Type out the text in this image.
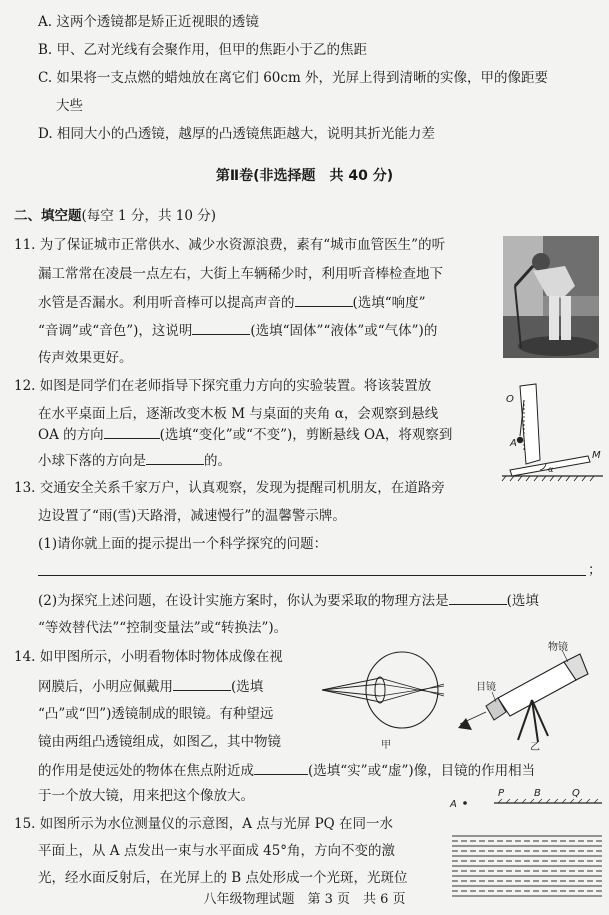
A. 这两个透镜都是矫正近视眼的透镜
B. 甲、乙对光线有会聚作用，但甲的焦距小于乙的焦距
C. 如果将一支点燃的蜡烛放在离它们 60cm 外，光屏上得到清晰的实像，甲的像距要
大些
D. 相同大小的凸透镜，越厚的凸透镜焦距越大，说明其折光能力差
第Ⅱ卷(非选择题　共 40 分)
二、填空题(每空 1 分，共 10 分)
11. 为了保证城市正常供水、减少水资源浪费，素有“城市血管医生”的听
漏工常常在凌晨一点左右，大街上车辆稀少时，利用听音棒检查地下
水管是否漏水。利用听音棒可以提高声音的	(选填“响度”
“音调”或“音色”)，这说明	(选填“固体”“液体”或“气体”)的
传声效果更好。
12. 如图是同学们在老师指导下探究重力方向的实验装置。将该装置放
在水平桌面上后，逐渐改变木板 M 与桌面的夹角 α，会观察到悬线
OA 的方向	(选填“变化”或“不变”)，剪断悬线 OA，将观察到
小球下落的方向是	的。
O
A
M
α
13. 交通安全关系千家万户，认真观察，发现为提醒司机朋友，在道路旁
边设置了“雨(雪)天路滑，减速慢行”的温馨警示牌。
(1)请你就上面的提示提出一个科学探究的问题：
；
(2)为探究上述问题，在设计实施方案时，你认为要采取的物理方法是	(选填
“等效替代法”“控制变量法”或“转换法”)。
14. 如甲图所示，小明看物体时物体成像在视
网膜后，小明应佩戴用	(选填
“凸”或“凹”)透镜制成的眼镜。有种望远
镜由两组凸透镜组成，如图乙，其中物镜
的作用是使远处的物体在焦点附近成	(选填“实”或“虚”)像，目镜的作用相当
于一个放大镜，用来把这个像放大。
甲
物镜
目镜
乙
15. 如图所示为水位测量仪的示意图，A 点与光屏 PQ 在同一水
平面上，从 A 点发出一束与水平面成 45°角，方向不变的激
光，经水面反射后，在光屏上的 B 点处形成一个光斑，光斑位
A
P	B	Q
八年级物理试题　第 3 页　共 6 页
